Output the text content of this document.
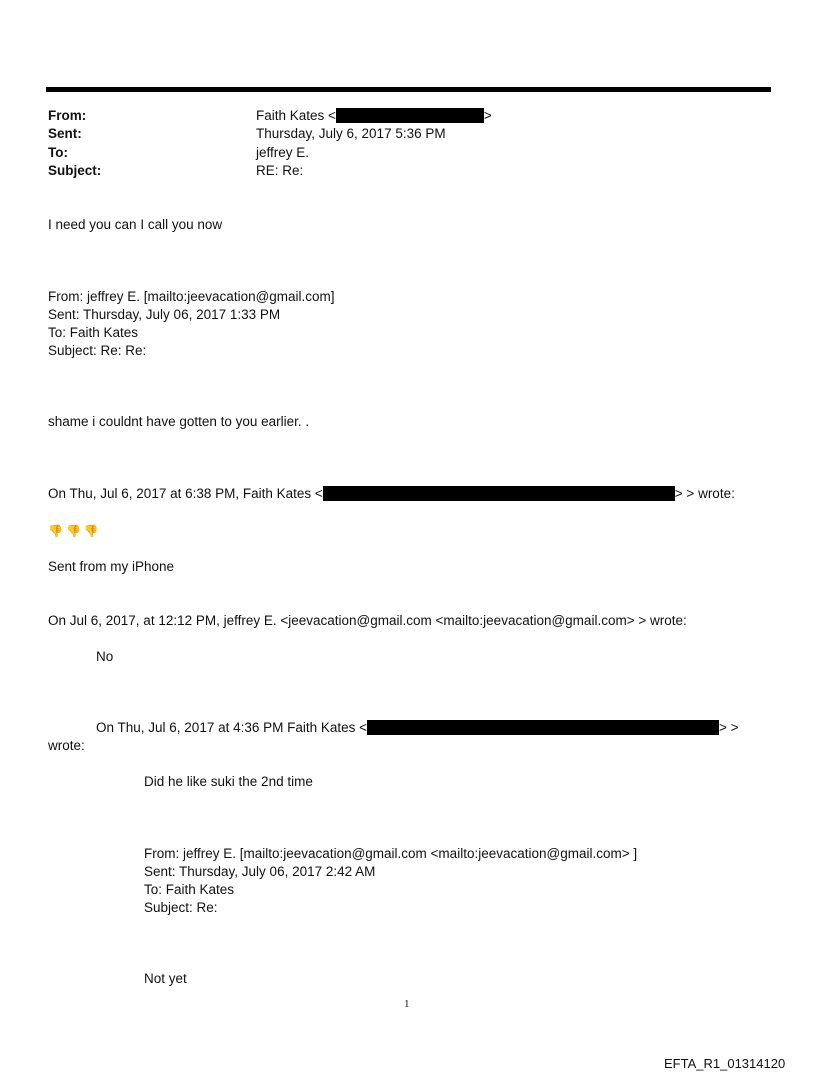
From:	Faith Kates <	>
Sent:	Thursday, July 6, 2017 5:36 PM
To:	jeffrey E.
Subject:	RE: Re:
I need you can I call you now
From: jeffrey E. [mailto:jeevacation@gmail.com]
Sent: Thursday, July 06, 2017 1:33 PM
To: Faith Kates
Subject: Re: Re:
shame i couldnt have gotten to you earlier. .
On Thu, Jul 6, 2017 at 6:38 PM, Faith Kates <	> > wrote:
👎👎👎
Sent from my iPhone
On Jul 6, 2017, at 12:12 PM, jeffrey E. <jeevacation@gmail.com <mailto:jeevacation@gmail.com> > wrote:
No
On Thu, Jul 6, 2017 at 4:36 PM Faith Kates <	> >
wrote:
Did he like suki the 2nd time
From: jeffrey E. [mailto:jeevacation@gmail.com <mailto:jeevacation@gmail.com> ]
Sent: Thursday, July 06, 2017 2:42 AM
To: Faith Kates
Subject: Re:
Not yet
1
EFTA_R1_01314120
